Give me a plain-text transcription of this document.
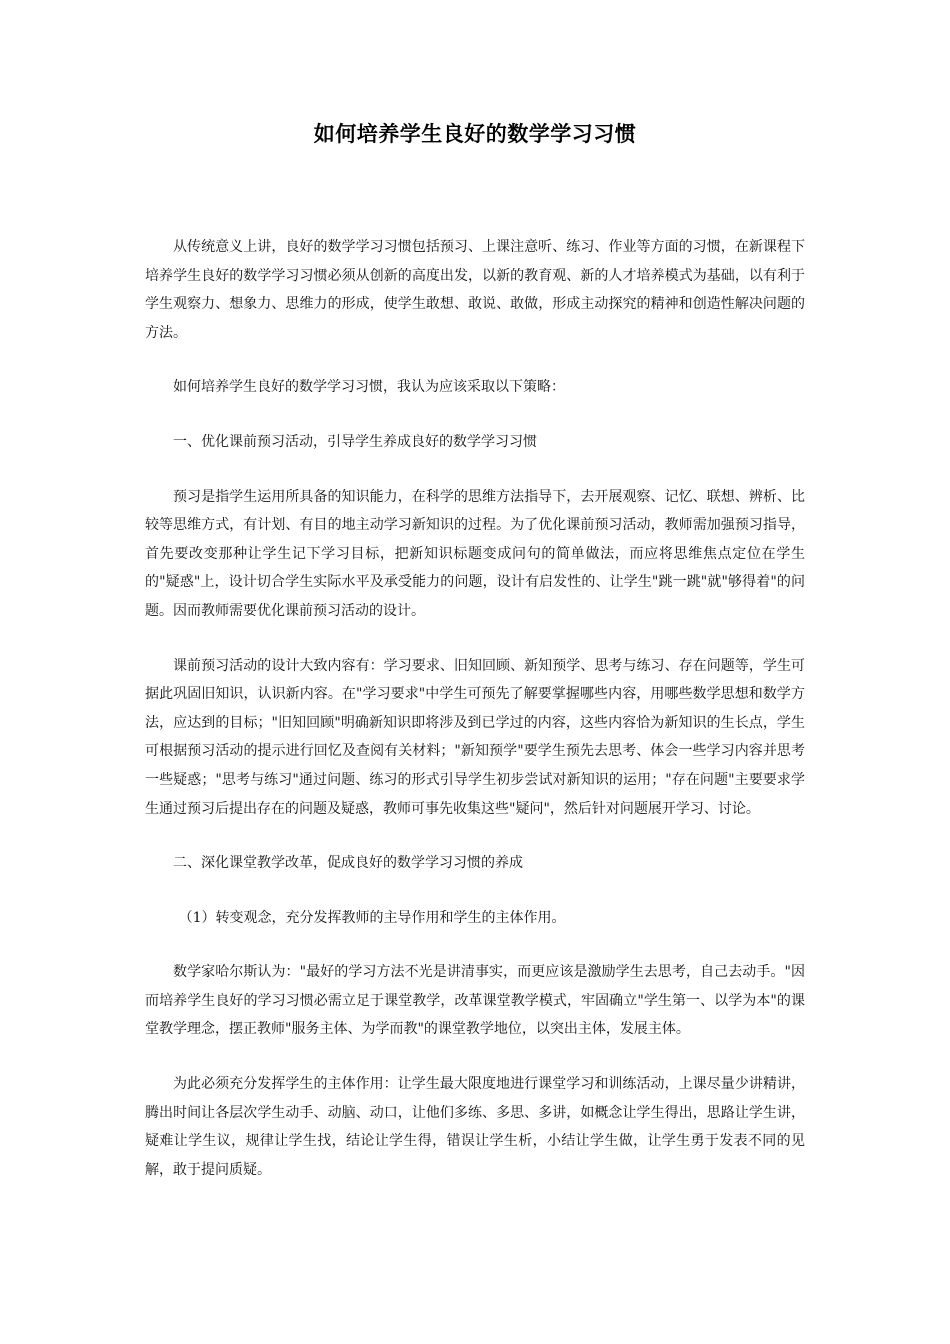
如何培养学生良好的数学学习习惯

从传统意义上讲，良好的数学学习习惯包括预习、上课注意听、练习、作业等方面的习惯，在新课程下培养学生良好的数学学习习惯必须从创新的高度出发，以新的教育观、新的人才培养模式为基础，以有利于学生观察力、想象力、思维力的形成，使学生敢想、敢说、敢做，形成主动探究的精神和创造性解决问题的方法。

如何培养学生良好的数学学习习惯，我认为应该采取以下策略：

一、优化课前预习活动，引导学生养成良好的数学学习习惯

预习是指学生运用所具备的知识能力，在科学的思维方法指导下，去开展观察、记忆、联想、辨析、比较等思维方式，有计划、有目的地主动学习新知识的过程。为了优化课前预习活动，教师需加强预习指导，首先要改变那种让学生记下学习目标，把新知识标题变成问句的简单做法，而应将思维焦点定位在学生的"疑惑"上，设计切合学生实际水平及承受能力的问题，设计有启发性的、让学生"跳一跳"就"够得着"的问题。因而教师需要优化课前预习活动的设计。

课前预习活动的设计大致内容有：学习要求、旧知回顾、新知预学、思考与练习、存在问题等，学生可据此巩固旧知识，认识新内容。在"学习要求"中学生可预先了解要掌握哪些内容，用哪些数学思想和数学方法，应达到的目标；"旧知回顾"明确新知识即将涉及到已学过的内容，这些内容恰为新知识的生长点，学生可根据预习活动的提示进行回忆及查阅有关材料；"新知预学"要学生预先去思考、体会一些学习内容并思考一些疑惑；"思考与练习"通过问题、练习的形式引导学生初步尝试对新知识的运用；"存在问题"主要要求学生通过预习后提出存在的问题及疑惑，教师可事先收集这些"疑问"，然后针对问题展开学习、讨论。

二、深化课堂教学改革，促成良好的数学学习习惯的养成

（1）转变观念，充分发挥教师的主导作用和学生的主体作用。

数学家哈尔斯认为："最好的学习方法不光是讲清事实，而更应该是激励学生去思考，自己去动手。"因而培养学生良好的学习习惯必需立足于课堂教学，改革课堂教学模式，牢固确立"学生第一、以学为本"的课堂教学理念，摆正教师"服务主体、为学而教"的课堂教学地位，以突出主体，发展主体。

为此必须充分发挥学生的主体作用：让学生最大限度地进行课堂学习和训练活动，上课尽量少讲精讲，腾出时间让各层次学生动手、动脑、动口，让他们多练、多思、多讲，如概念让学生得出，思路让学生讲，疑难让学生议，规律让学生找，结论让学生得，错误让学生析，小结让学生做，让学生勇于发表不同的见解，敢于提问质疑。
